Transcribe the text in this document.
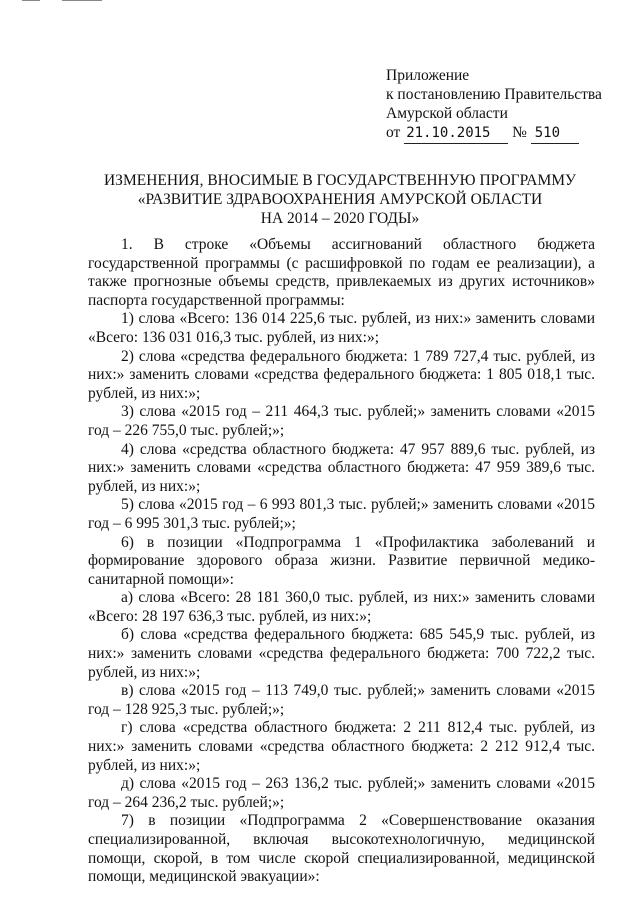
Приложение
к постановлению Правительства
Амурской области
от 21.10.2015 № 510
ИЗМЕНЕНИЯ, ВНОСИМЫЕ В ГОСУДАРСТВЕННУЮ ПРОГРАММУ
«РАЗВИТИЕ ЗДРАВООХРАНЕНИЯ АМУРСКОЙ ОБЛАСТИ
НА 2014 – 2020 ГОДЫ»

1. В строке «Объемы ассигнований областного бюджета государственной программы (с расшифровкой по годам ее реализации), а также прогнозные объемы средств, привлекаемых из других источников» паспорта государственной программы:

1) слова «Всего: 136 014 225,6 тыс. рублей, из них:» заменить словами «Всего: 136 031 016,3 тыс. рублей, из них:»;

2) слова «средства федерального бюджета: 1 789 727,4 тыс. рублей, из них:» заменить словами «средства федерального бюджета: 1 805 018,1 тыс. рублей, из них:»;

3) слова «2015 год – 211 464,3 тыс. рублей;» заменить словами «2015 год – 226 755,0 тыс. рублей;»;

4) слова «средства областного бюджета: 47 957 889,6 тыс. рублей, из них:» заменить словами «средства областного бюджета: 47 959 389,6 тыс. рублей, из них:»;

5) слова «2015 год – 6 993 801,3 тыс. рублей;» заменить словами «2015 год – 6 995 301,3 тыс. рублей;»;

6) в позиции «Подпрограмма 1 «Профилактика заболеваний и формирование здорового образа жизни. Развитие первичной медико-санитарной помощи»:

а) слова «Всего: 28 181 360,0 тыс. рублей, из них:» заменить словами «Всего: 28 197 636,3 тыс. рублей, из них:»;

б) слова «средства федерального бюджета: 685 545,9 тыс. рублей, из них:» заменить словами «средства федерального бюджета: 700 722,2 тыс. рублей, из них:»;

в) слова «2015 год – 113 749,0 тыс. рублей;» заменить словами «2015 год – 128 925,3 тыс. рублей;»;

г) слова «средства областного бюджета: 2 211 812,4 тыс. рублей, из них:» заменить словами «средства областного бюджета: 2 212 912,4 тыс. рублей, из них:»;

д) слова «2015 год – 263 136,2 тыс. рублей;» заменить словами «2015 год – 264 236,2 тыс. рублей;»;

7) в позиции «Подпрограмма 2 «Совершенствование оказания специализированной, включая высокотехнологичную, медицинской помощи, скорой, в том числе скорой специализированной, медицинской помощи, медицинской эвакуации»:
